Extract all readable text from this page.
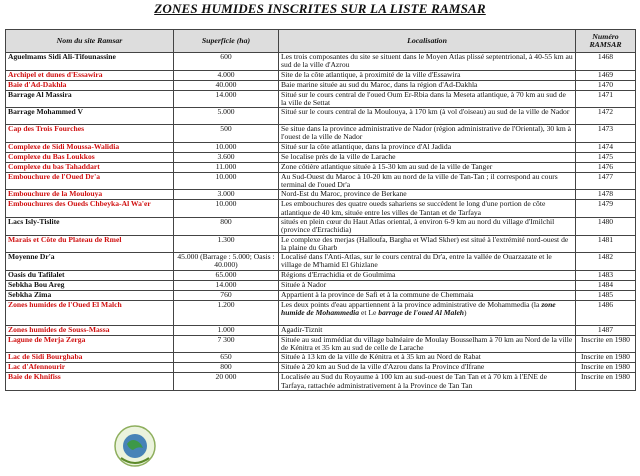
ZONES HUMIDES INSCRITES SUR LA LISTE RAMSAR
Nom du site Ramsar	Superficie (ha)	Localisation	Numéro RAMSAR
Aguelmams Sidi Ali-Tifounassine	600	Les trois composantes du site se situent dans le Moyen Atlas plissé septentrional, à 40-55 km au sud de la ville d'Azrou	1468
Archipel et dunes d'Essawira	4.000	Site de la côte atlantique, à proximité de la ville d'Essawira	1469
Baie d'Ad-Dakhla	40.000	Baie marine située au sud du Maroc, dans la région d'Ad-Dakhla	1470
Barrage Al Massira	14.000	Situé sur le cours central de l'oued Oum Er-Rbia dans la Meseta atlantique, à 70 km au sud de la ville de Settat	1471
Barrage Mohammed V	5.000	Situé sur le cours central de la Moulouya, à 170 km (à vol d'oiseau) au sud de la ville de Nador	1472
Cap des Trois Fourches	500	Se situe dans la province administrative de Nador (région administrative de l'Oriental), 30 km à l'ouest de la ville de Nador	1473
Complexe de Sidi Moussa-Walidia	10.000	Situé sur la côte atlantique, dans la province d'Al Jadida	1474
Complexe du Bas Loukkos	3.600	Se localise près de la ville de Larache	1475
Complexe du bas Tahaddart	11.000	Zone côtière atlantique située à 15-30 km au sud de la ville de Tanger	1476
Embouchure de l'Oued Dr'a	10.000	Au Sud-Ouest du Maroc à 10-20 km au nord de la ville de Tan-Tan ; il correspond au cours terminal de l'oued Dr'a	1477
Embouchure de la Moulouya	3.000	Nord-Est du Maroc, province de Berkane	1478
Embouchures des Oueds Chbeyka-Al Wa'er	10.000	Les embouchures des quatre oueds sahariens se succèdent le long d'une portion de côte atlantique de 40 km, située entre les villes de Tantan et de Tarfaya	1479
Lacs Isly-Tislite	800	situés en plein cœur du Haut Atlas oriental, à environ 6-9 km au nord du village d'Imilchil (province d'Errachidia)	1480
Marais et Côte du Plateau de Rmel	1.300	Le complexe des merjas (Halloufa, Bargha et Wlad Skher) est situé à l'extrémité nord-ouest de la plaine du Gharb	1481
Moyenne Dr'a	45.000 (Barrage : 5.000; Oasis : 40.000)	Localisé dans l'Anti-Atlas, sur le cours central du Dr'a, entre la vallée de Ouarzazate et le village de M'hamid El Ghizlane	1482
Oasis du Tafilalet	65.000	Régions d'Errachidia et de Goulmima	1483
Sebkha Bou Areg	14.000	Située à Nador	1484
Sebkha Zima	760	Appartient à la province de Safi et à la commune de Chemmaia	1485
Zones humides de l'Oued El Malch	1.200	Les deux points d'eau appartiennent à la province administrative de Mohammedia (la zone humide de Mohammedia et Le barrage de l'oued Al Maleh)	1486
Zones humides de Souss-Massa	1.000	Agadir-Tiznit	1487
Lagune de Merja Zerga	7 300	Située au sud immédiat du village balnéaire de Moulay Bousselham à 70 km au Nord de la ville de Kénitra et 35 km au sud de celle de Larache	Inscrite en 1980
Lac de Sidi Bourghaba	650	Située à 13 km de la ville de Kénitra et à 35 km au Nord de Rabat	Inscrite en 1980
Lac d'Afennourir	800	Située à 20 km au Sud de la ville d'Azrou dans la Province d'Ifrane	Inscrite en 1980
Baie de Khnifiss	20 000	Localisée au Sud du Royaume à 100 km au sud-ouest de Tan Tan et à 70 km à l'ENE de Tarfaya, rattachée administrativement à la Province de Tan Tan	Inscrite en 1980
